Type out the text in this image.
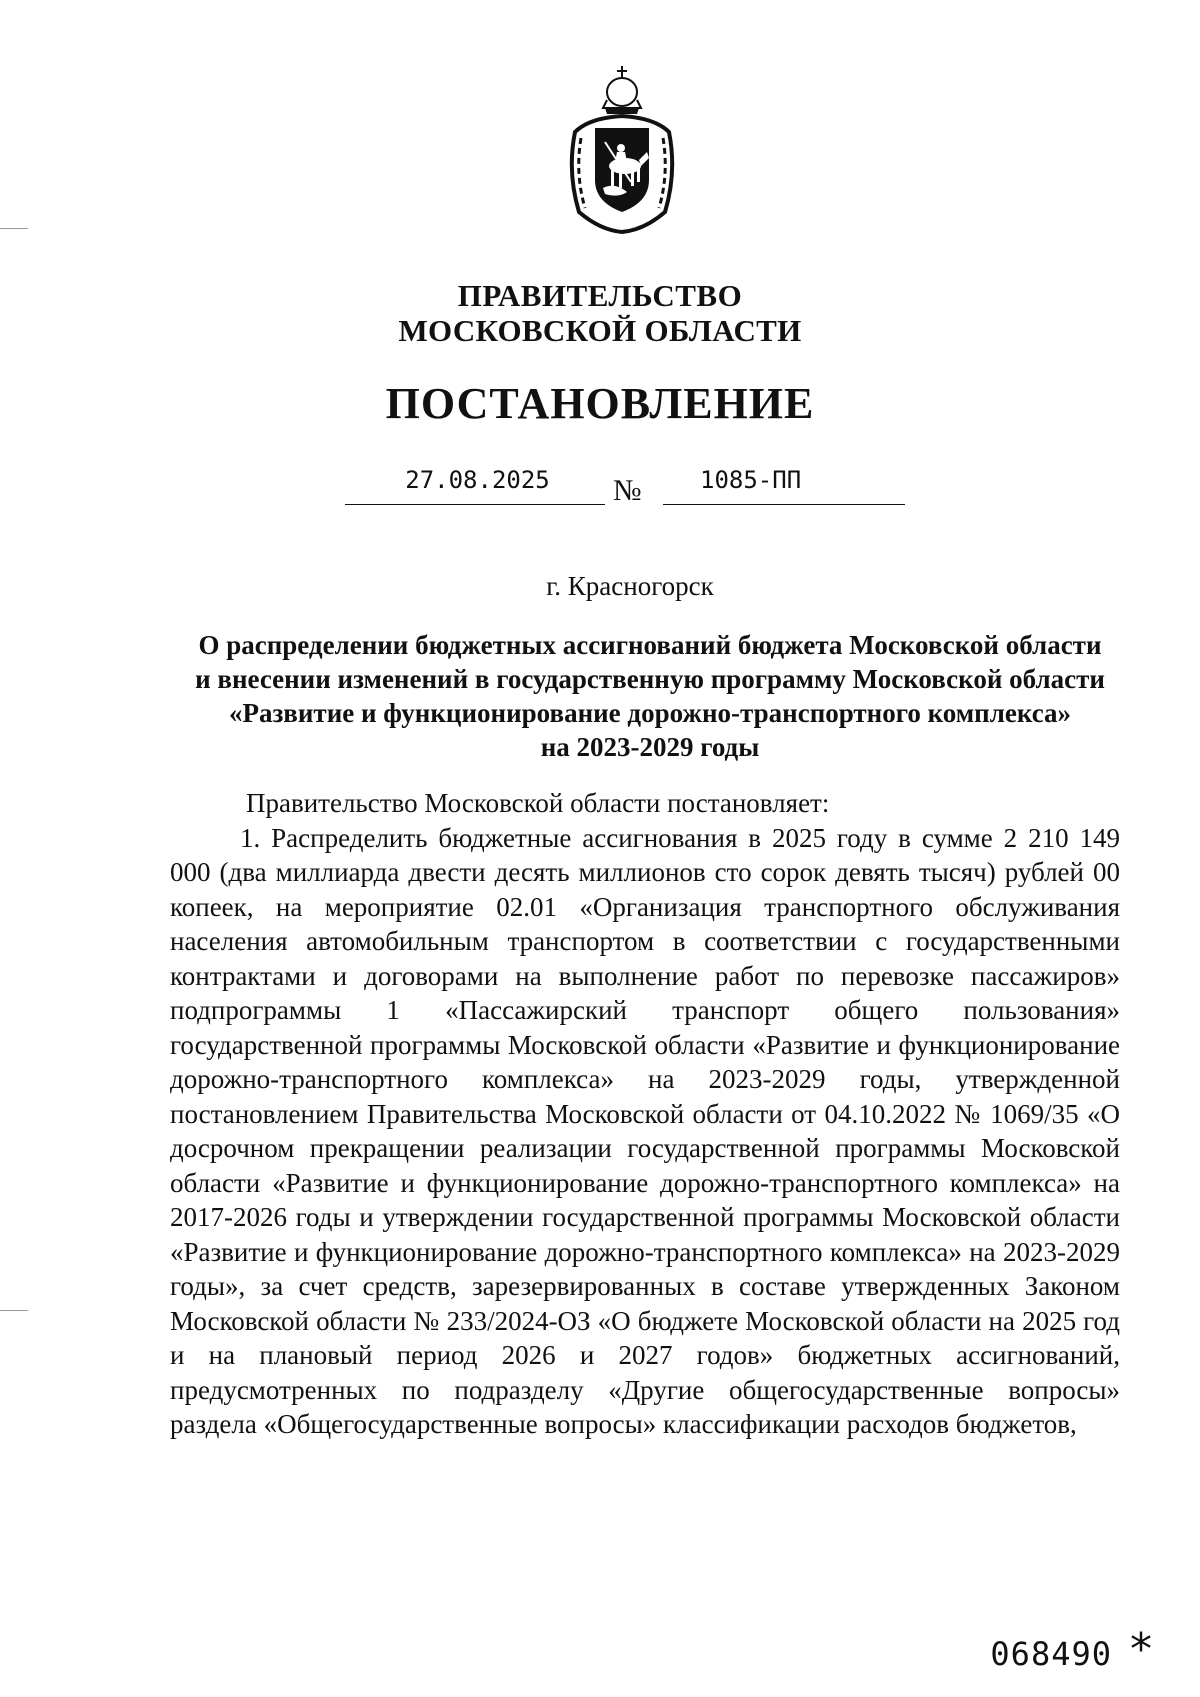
ПРАВИТЕЛЬСТВО
МОСКОВСКОЙ ОБЛАСТИ
ПОСТАНОВЛЕНИЕ
27.08.2025	№	1085-ПП
г. Красногорск
О распределении бюджетных ассигнований бюджета Московской области
и внесении изменений в государственную программу Московской области
«Развитие и функционирование дорожно-транспортного комплекса»
на 2023-2029 годы

Правительство Московской области постановляет:

1. Распределить бюджетные ассигнования в 2025 году в сумме 2 210 149 000 (два миллиарда двести десять миллионов сто сорок девять тысяч) рублей 00 копеек, на мероприятие 02.01 «Организация транспортного обслуживания населения автомобильным транспортом в соответствии с государственными контрактами и договорами на выполнение работ по перевозке пассажиров» подпрограммы 1 «Пассажирский транспорт общего пользования» государственной программы Московской области «Развитие и функционирование дорожно-транспортного комплекса» на 2023-2029 годы, утвержденной постановлением Правительства Московской области от 04.10.2022 № 1069/35 «О досрочном прекращении реализации государственной программы Московской области «Развитие и функционирование дорожно-транспортного комплекса» на 2017-2026 годы и утверждении государственной программы Московской области «Развитие и функционирование дорожно-транспортного комплекса» на 2023-2029 годы», за счет средств, зарезервированных в составе утвержденных Законом Московской области № 233/2024-ОЗ «О бюджете Московской области на 2025 год и на плановый период 2026 и 2027 годов» бюджетных ассигнований, предусмотренных по подразделу «Другие общегосударственные вопросы» раздела «Общегосударственные вопросы» классификации расходов бюджетов,

068490 *
